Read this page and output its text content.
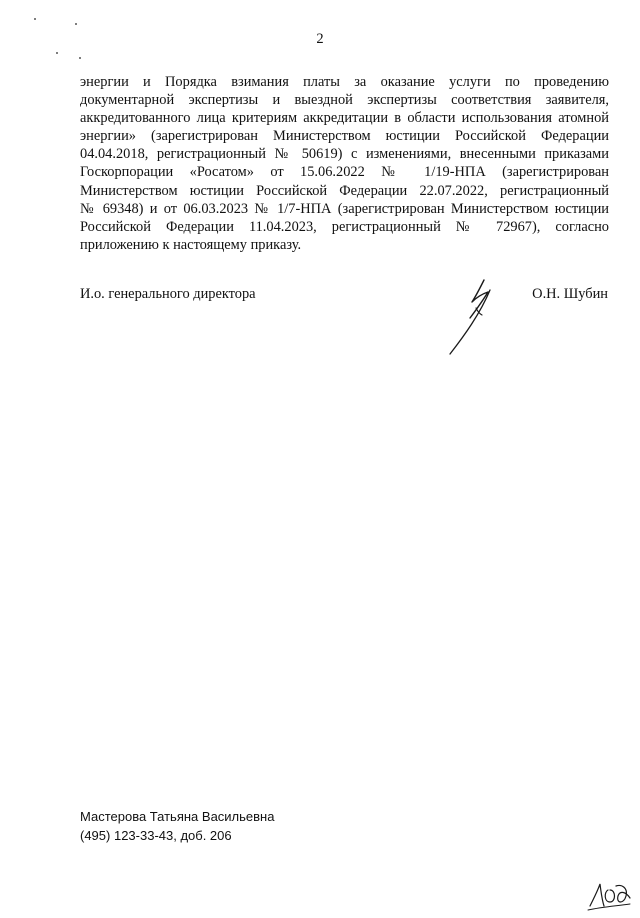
2
энергии и Порядка взимания платы за оказание услуги по проведению
документарной экспертизы и выездной экспертизы соответствия заявителя,
аккредитованного лица критериям аккредитации в области использования атомной
энергии» (зарегистрирован Министерством юстиции Российской Федерации
04.04.2018, регистрационный № 50619) с изменениями, внесенными приказами
Госкорпорации «Росатом» от 15.06.2022 № 1/19-НПА (зарегистрирован
Министерством юстиции Российской Федерации 22.07.2022, регистрационный
№ 69348) и от 06.03.2023 № 1/7-НПА (зарегистрирован Министерством юстиции
Российской Федерации 11.04.2023, регистрационный № 72967), согласно
приложению к настоящему приказу.
И.о. генерального директора	О.Н. Шубин
Мастерова Татьяна Васильевна
(495) 123-33-43, доб. 206
